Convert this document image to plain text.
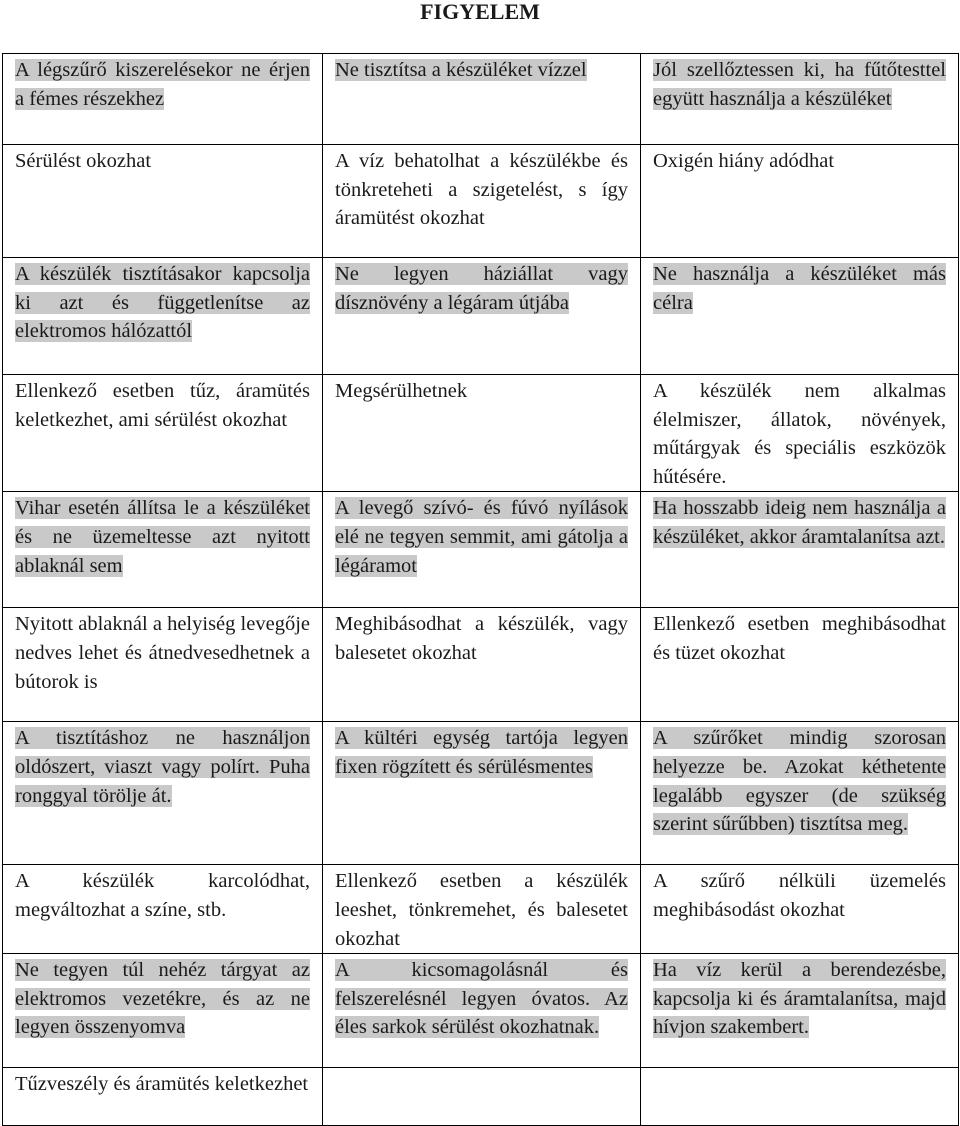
FIGYELEM
A légszűrő kiszerelésekor ne érjen a fémes részekhez	Ne tisztítsa a készüléket vízzel	Jól szellőztessen ki, ha fűtőtesttel együtt használja a készüléket
Sérülést okozhat	A víz behatolhat a készülékbe és tönkreteheti a szigetelést, s így áramütést okozhat	Oxigén hiány adódhat
A készülék tisztításakor kapcsolja ki azt és függetlenítse az elektromos hálózattól	Ne legyen háziállat vagy dísznövény a légáram útjába	Ne használja a készüléket más célra
Ellenkező esetben tűz, áramütés keletkezhet, ami sérülést okozhat	Megsérülhetnek	A készülék nem alkalmas élelmiszer, állatok, növények, műtárgyak és speciális eszközök hűtésére.
Vihar esetén állítsa le a készüléket és ne üzemeltesse azt nyitott ablaknál sem	A levegő szívó- és fúvó nyílások elé ne tegyen semmit, ami gátolja a légáramot	Ha hosszabb ideig nem használja a készüléket, akkor áramtalanítsa azt.
Nyitott ablaknál a helyiség levegője nedves lehet és átnedvesedhetnek a bútorok is	Meghibásodhat a készülék, vagy balesetet okozhat	Ellenkező esetben meghibásodhat és tüzet okozhat
A tisztításhoz ne használjon oldószert, viaszt vagy polírt. Puha ronggyal törölje át.	A kültéri egység tartója legyen fixen rögzített és sérülésmentes	A szűrőket mindig szorosan helyezze be. Azokat kéthetente legalább egyszer (de szükség szerint sűrűbben) tisztítsa meg.
A készülék karcolódhat, megváltozhat a színe, stb.	Ellenkező esetben a készülék leeshet, tönkremehet, és balesetet okozhat	A szűrő nélküli üzemelés meghibásodást okozhat
Ne tegyen túl nehéz tárgyat az elektromos vezetékre, és az ne legyen összenyomva	A kicsomagolásnál és felszerelésnél legyen óvatos. Az éles sarkok sérülést okozhatnak.	Ha víz kerül a berendezésbe, kapcsolja ki és áramtalanítsa, majd hívjon szakembert.
Tűzveszély és áramütés keletkezhet		
